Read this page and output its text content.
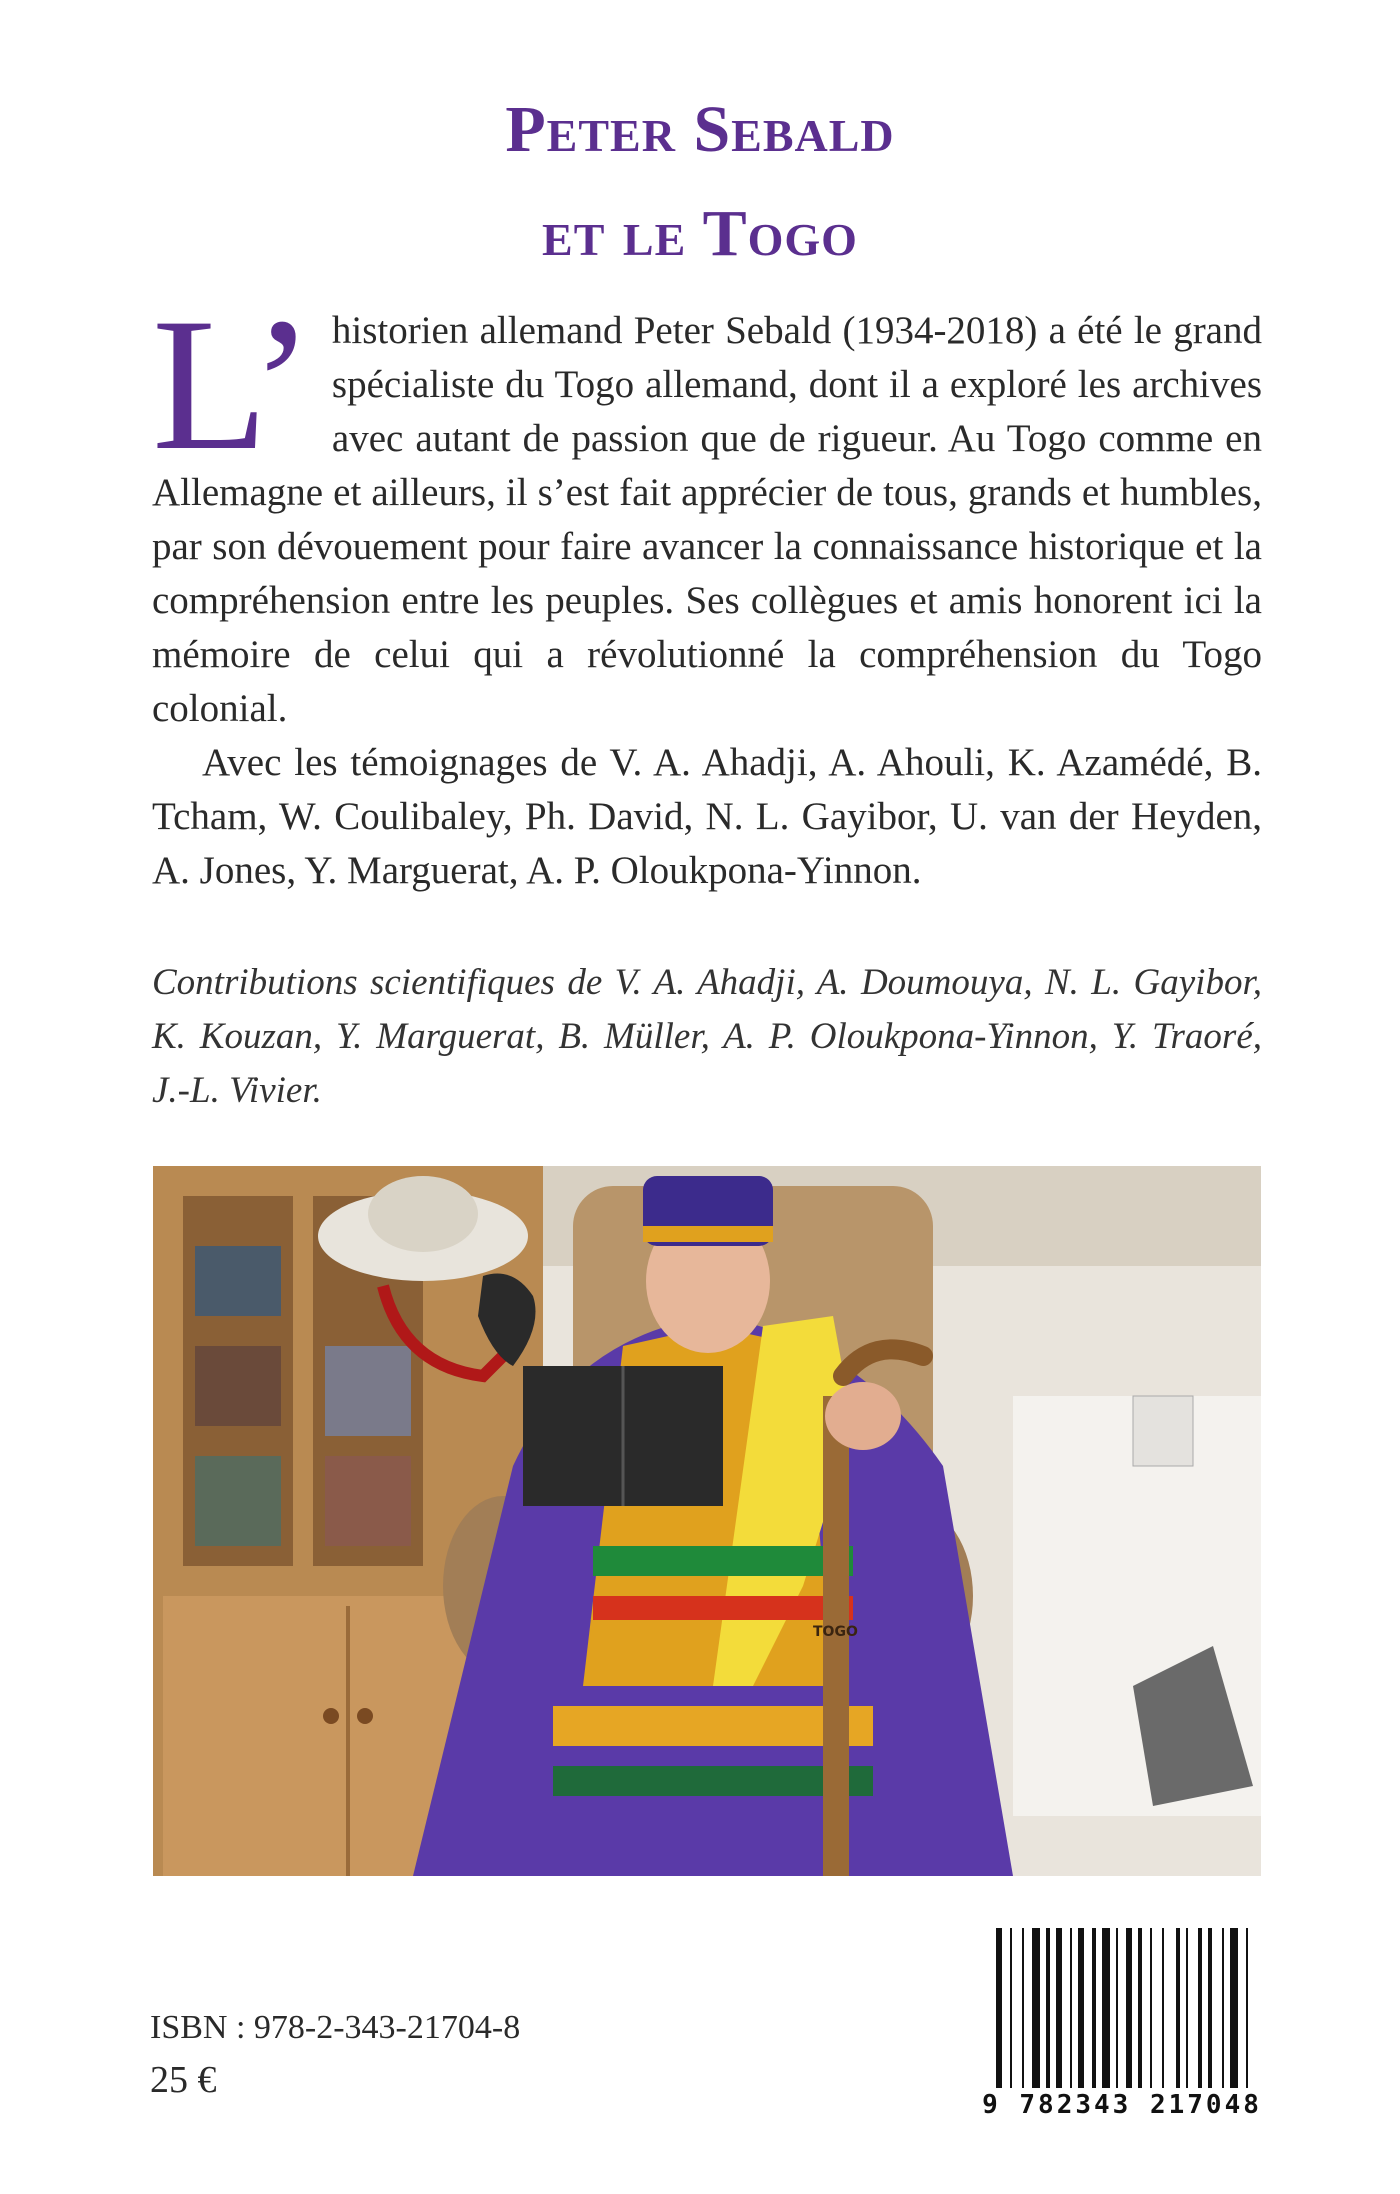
Peter Sebald
et le Togo

L’ historien allemand Peter Sebald (1934-2018) a été le grand spécialiste du Togo allemand, dont il a exploré les archives avec autant de passion que de rigueur. Au Togo comme en Allemagne et ailleurs, il s’est fait apprécier de tous, grands et humbles, par son dévouement pour faire avancer la connaissance historique et la compréhension entre les peuples. Ses collègues et amis honorent ici la mémoire de celui qui a révolutionné la compréhension du Togo colonial.

Avec les témoignages de V. A. Ahadji, A. Ahouli, K. Azamédé, B. Tcham, W. Coulibaley, Ph. David, N. L. Gayibor, U. van der Heyden, A. Jones, Y. Marguerat, A. P. Oloukpona-Yinnon.

Contributions scientifiques de V. A. Ahadji, A. Doumouya, N. L. Gayibor, K. Kouzan, Y. Marguerat, B. Müller, A. P. Oloukpona-Yinnon, Y. Traoré, J.-L. Vivier.
TOGO
ISBN : 978-2-343-21704-8
25 €
9 782343 217048
